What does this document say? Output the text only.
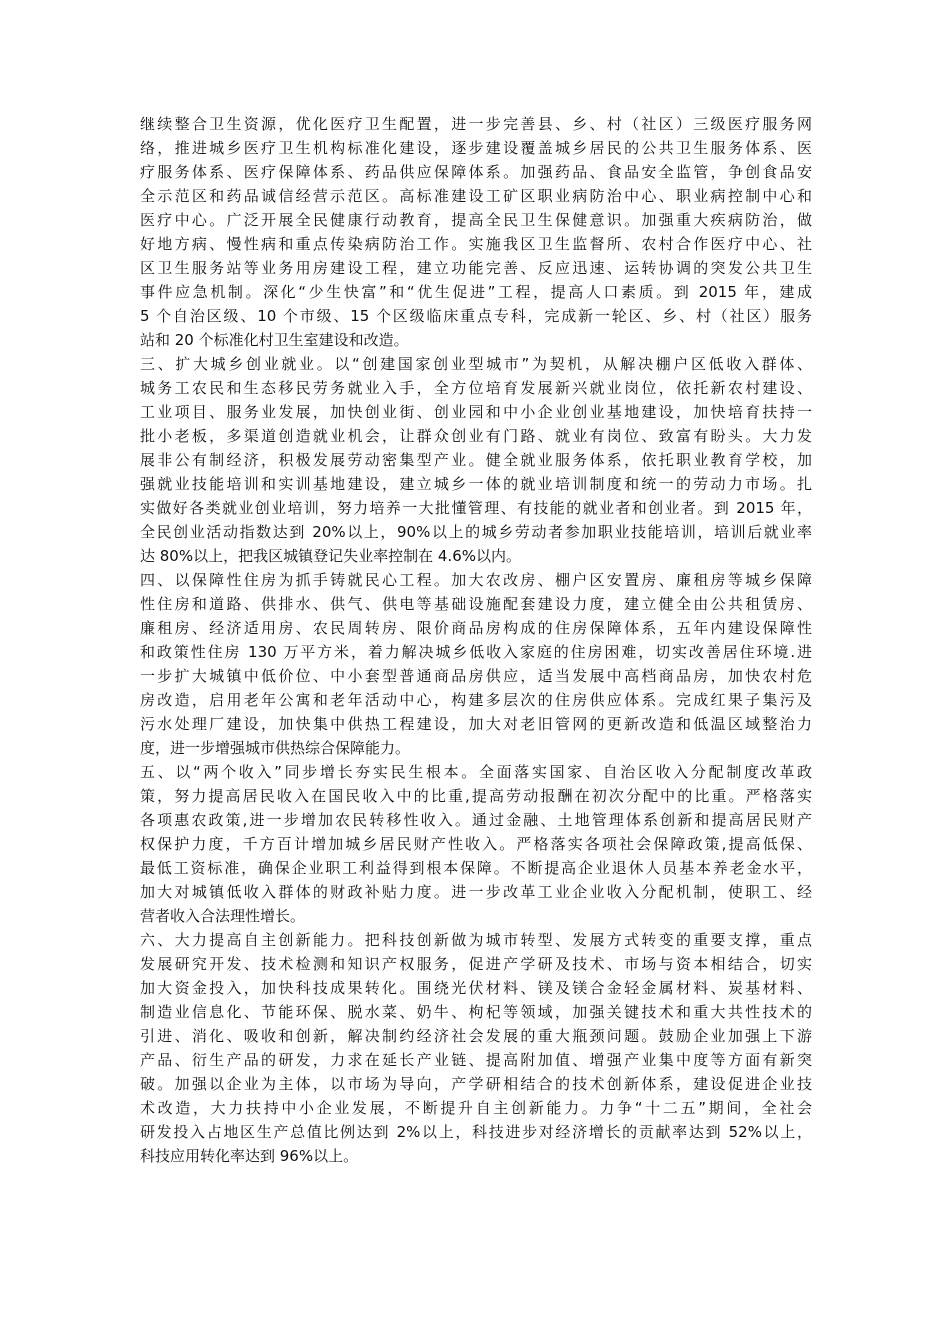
继续整合卫生资源，优化医疗卫生配置，进一步完善县、乡、村（社区）三级医疗服务网
络，推进城乡医疗卫生机构标准化建设，逐步建设覆盖城乡居民的公共卫生服务体系、医
疗服务体系、医疗保障体系、药品供应保障体系。加强药品、食品安全监管，争创食品安
全示范区和药品诚信经营示范区。高标准建设工矿区职业病防治中心、职业病控制中心和
医疗中心。广泛开展全民健康行动教育，提高全民卫生保健意识。加强重大疾病防治，做
好地方病、慢性病和重点传染病防治工作。实施我区卫生监督所、农村合作医疗中心、社
区卫生服务站等业务用房建设工程，建立功能完善、反应迅速、运转协调的突发公共卫生
事件应急机制。深化“少生快富”和“优生促进”工程，提高人口素质。到 2015 年，建成
5 个自治区级、10 个市级、15 个区级临床重点专科，完成新一轮区、乡、村（社区）服务
站和 20 个标准化村卫生室建设和改造。
三、扩大城乡创业就业。以“创建国家创业型城市”为契机，从解决棚户区低收入群体、
城务工农民和生态移民劳务就业入手，全方位培育发展新兴就业岗位，依托新农村建设、
工业项目、服务业发展，加快创业街、创业园和中小企业创业基地建设，加快培育扶持一
批小老板，多渠道创造就业机会，让群众创业有门路、就业有岗位、致富有盼头。大力发
展非公有制经济，积极发展劳动密集型产业。健全就业服务体系，依托职业教育学校，加
强就业技能培训和实训基地建设，建立城乡一体的就业培训制度和统一的劳动力市场。扎
实做好各类就业创业培训，努力培养一大批懂管理、有技能的就业者和创业者。到 2015 年，
全民创业活动指数达到 20%以上，90%以上的城乡劳动者参加职业技能培训，培训后就业率
达 80%以上，把我区城镇登记失业率控制在 4.6%以内。
四、以保障性住房为抓手铸就民心工程。加大农改房、棚户区安置房、廉租房等城乡保障
性住房和道路、供排水、供气、供电等基础设施配套建设力度，建立健全由公共租赁房、
廉租房、经济适用房、农民周转房、限价商品房构成的住房保障体系，五年内建设保障性
和政策性住房 130 万平方米，着力解决城乡低收入家庭的住房困难，切实改善居住环境.进
一步扩大城镇中低价位、中小套型普通商品房供应，适当发展中高档商品房，加快农村危
房改造，启用老年公寓和老年活动中心，构建多层次的住房供应体系。完成红果子集污及
污水处理厂建设，加快集中供热工程建设，加大对老旧管网的更新改造和低温区域整治力
度，进一步增强城市供热综合保障能力。
五、以“两个收入”同步增长夯实民生根本。全面落实国家、自治区收入分配制度改革政
策，努力提高居民收入在国民收入中的比重,提高劳动报酬在初次分配中的比重。严格落实
各项惠农政策,进一步增加农民转移性收入。通过金融、土地管理体系创新和提高居民财产
权保护力度，千方百计增加城乡居民财产性收入。严格落实各项社会保障政策,提高低保、
最低工资标准，确保企业职工利益得到根本保障。不断提高企业退休人员基本养老金水平，
加大对城镇低收入群体的财政补贴力度。进一步改革工业企业收入分配机制，使职工、经
营者收入合法理性增长。
六、大力提高自主创新能力。把科技创新做为城市转型、发展方式转变的重要支撑，重点
发展研究开发、技术检测和知识产权服务，促进产学研及技术、市场与资本相结合，切实
加大资金投入，加快科技成果转化。围绕光伏材料、镁及镁合金轻金属材料、炭基材料、
制造业信息化、节能环保、脱水菜、奶牛、枸杞等领域，加强关键技术和重大共性技术的
引进、消化、吸收和创新，解决制约经济社会发展的重大瓶颈问题。鼓励企业加强上下游
产品、衍生产品的研发，力求在延长产业链、提高附加值、增强产业集中度等方面有新突
破。加强以企业为主体，以市场为导向，产学研相结合的技术创新体系，建设促进企业技
术改造，大力扶持中小企业发展，不断提升自主创新能力。力争“十二五”期间，全社会
研发投入占地区生产总值比例达到 2%以上，科技进步对经济增长的贡献率达到 52%以上，
科技应用转化率达到 96%以上。
